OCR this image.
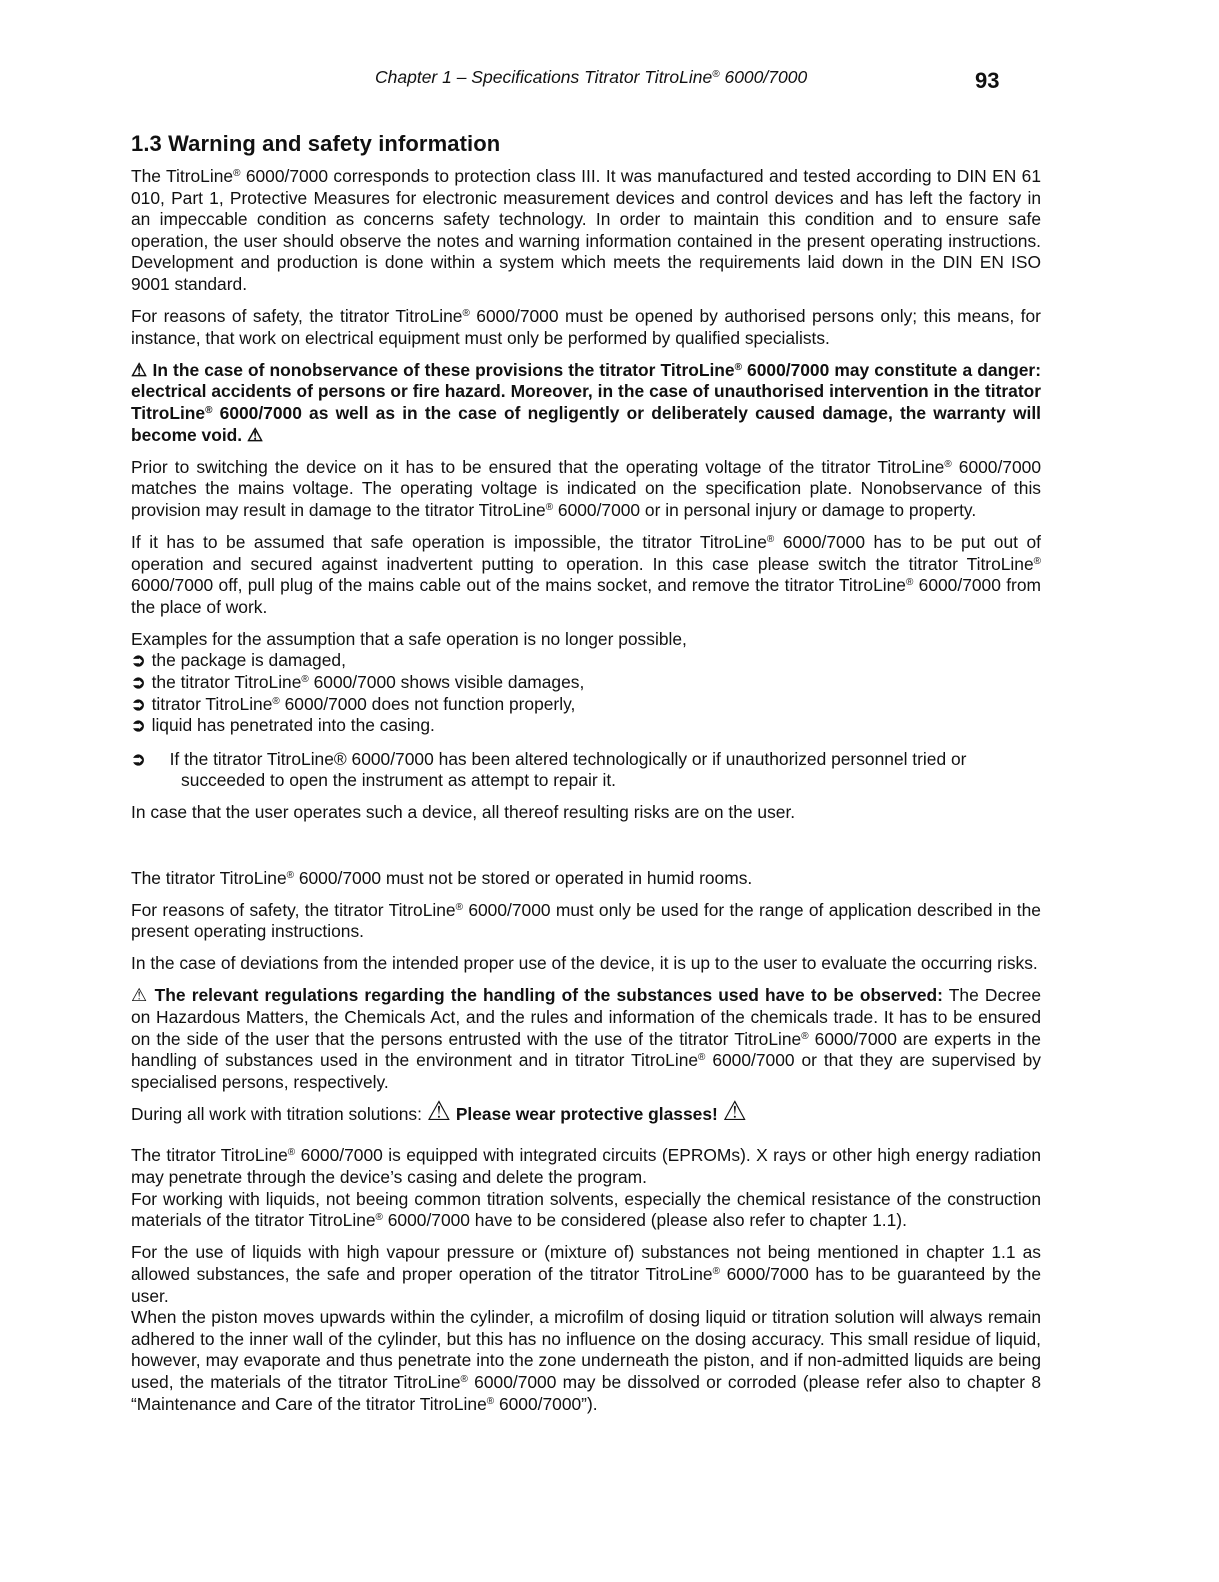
Chapter 1 – Specifications Titrator TitroLine® 6000/7000	93
1.3 Warning and safety information

The TitroLine® 6000/7000 corresponds to protection class III. It was manufactured and tested according to DIN EN 61 010, Part 1, Protective Measures for electronic measurement devices and control devices and has left the factory in an impeccable condition as concerns safety technology. In order to maintain this condition and to ensure safe operation, the user should observe the notes and warning information contained in the present operating instructions. Development and production is done within a system which meets the requirements laid down in the DIN EN ISO 9001 standard.

For reasons of safety, the titrator TitroLine® 6000/7000 must be opened by authorised persons only; this means, for instance, that work on electrical equipment must only be performed by qualified specialists.

⚠ In the case of nonobservance of these provisions the titrator TitroLine® 6000/7000 may constitute a danger: electrical accidents of persons or fire hazard. Moreover, in the case of unauthorised intervention in the titrator TitroLine® 6000/7000 as well as in the case of negligently or deliberately caused damage, the warranty will become void. ⚠

Prior to switching the device on it has to be ensured that the operating voltage of the titrator TitroLine® 6000/7000 matches the mains voltage. The operating voltage is indicated on the specification plate. Nonobservance of this provision may result in damage to the titrator TitroLine® 6000/7000 or in personal injury or damage to property.

If it has to be assumed that safe operation is impossible, the titrator TitroLine® 6000/7000 has to be put out of operation and secured against inadvertent putting to operation. In this case please switch the titrator TitroLine® 6000/7000 off, pull plug of the mains cable out of the mains socket, and remove the titrator TitroLine® 6000/7000 from the place of work.

Examples for the assumption that a safe operation is no longer possible,

➲ the package is damaged,
➲ the titrator TitroLine® 6000/7000 shows visible damages,
➲ titrator TitroLine® 6000/7000 does not function properly,
➲ liquid has penetrated into the casing.

➲ If the titrator TitroLine® 6000/7000 has been altered technologically or if unauthorized personnel tried or succeeded to open the instrument as attempt to repair it.

In case that the user operates such a device, all thereof resulting risks are on the user.

The titrator TitroLine® 6000/7000 must not be stored or operated in humid rooms.

For reasons of safety, the titrator TitroLine® 6000/7000 must only be used for the range of application described in the present operating instructions.

In the case of deviations from the intended proper use of the device, it is up to the user to evaluate the occurring risks.

⚠ The relevant regulations regarding the handling of the substances used have to be observed: The Decree on Hazardous Matters, the Chemicals Act, and the rules and information of the chemicals trade. It has to be ensured on the side of the user that the persons entrusted with the use of the titrator TitroLine® 6000/7000 are experts in the handling of substances used in the environment and in titrator TitroLine® 6000/7000 or that they are supervised by specialised persons, respectively.

During all work with titration solutions: ⚠ Please wear protective glasses! ⚠

The titrator TitroLine® 6000/7000 is equipped with integrated circuits (EPROMs). X rays or other high energy radiation may penetrate through the device’s casing and delete the program.

For working with liquids, not beeing common titration solvents, especially the chemical resistance of the construction materials of the titrator TitroLine® 6000/7000 have to be considered (please also refer to chapter 1.1).

For the use of liquids with high vapour pressure or (mixture of) substances not being mentioned in chapter 1.1 as allowed substances, the safe and proper operation of the titrator TitroLine® 6000/7000 has to be guaranteed by the user.

When the piston moves upwards within the cylinder, a microfilm of dosing liquid or titration solution will always remain adhered to the inner wall of the cylinder, but this has no influence on the dosing accuracy. This small residue of liquid, however, may evaporate and thus penetrate into the zone underneath the piston, and if non-admitted liquids are being used, the materials of the titrator TitroLine® 6000/7000 may be dissolved or corroded (please refer also to chapter 8 “Maintenance and Care of the titrator TitroLine® 6000/7000”).
